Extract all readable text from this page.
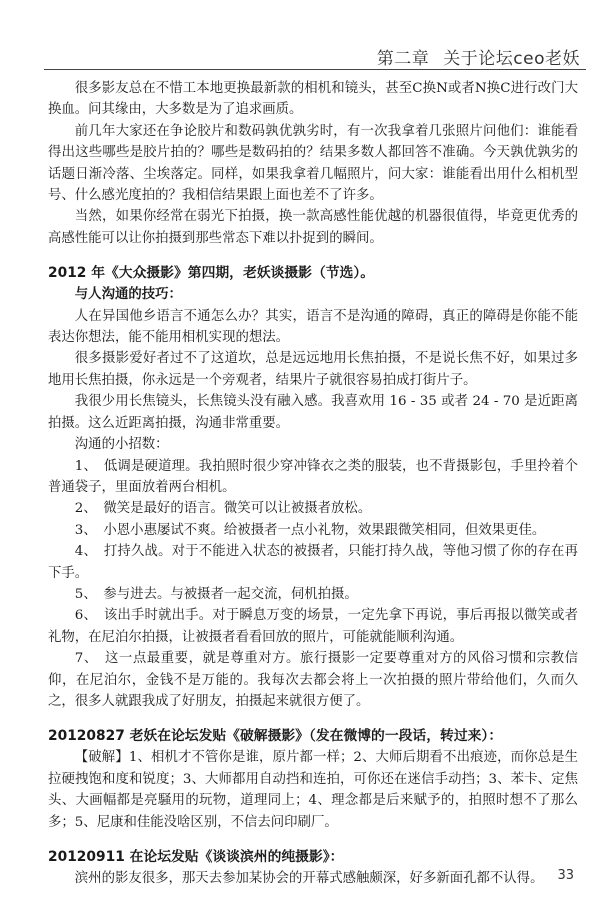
第二章 关于论坛ceo老妖

很多影友总在不惜工本地更换最新款的相机和镜头，甚至C换N或者N换C进行改门大换血。问其缘由，大多数是为了追求画质。

前几年大家还在争论胶片和数码孰优孰劣时，有一次我拿着几张照片问他们：谁能看得出这些哪些是胶片拍的？哪些是数码拍的？结果多数人都回答不准确。今天孰优孰劣的话题日渐冷落、尘埃落定。同样，如果我拿着几幅照片，问大家：谁能看出用什么相机型号、什么感光度拍的？我相信结果跟上面也差不了许多。

当然，如果你经常在弱光下拍摄，换一款高感性能优越的机器很值得，毕竟更优秀的高感性能可以让你拍摄到那些常态下难以扑捉到的瞬间。

2012 年《大众摄影》第四期，老妖谈摄影（节选）。
与人沟通的技巧：

人在异国他乡语言不通怎么办？其实，语言不是沟通的障碍，真正的障碍是你能不能表达你想法，能不能用相机实现的想法。

很多摄影爱好者过不了这道坎，总是远远地用长焦拍摄，不是说长焦不好，如果过多地用长焦拍摄，你永远是一个旁观者，结果片子就很容易拍成打街片子。

我很少用长焦镜头，长焦镜头没有融入感。我喜欢用 16 - 35 或者 24 - 70 是近距离拍摄。这么近距离拍摄，沟通非常重要。

沟通的小招数：

1、　低调是硬道理。我拍照时很少穿冲锋衣之类的服装，也不背摄影包，手里拎着个普通袋子，里面放着两台相机。

2、　微笑是最好的语言。微笑可以让被摄者放松。

3、　小恩小惠屡试不爽。给被摄者一点小礼物，效果跟微笑相同，但效果更佳。

4、　打持久战。对于不能进入状态的被摄者，只能打持久战，等他习惯了你的存在再下手。

5、　参与进去。与被摄者一起交流，伺机拍摄。

6、　该出手时就出手。对于瞬息万变的场景，一定先拿下再说，事后再报以微笑或者礼物，在尼泊尔拍摄，让被摄者看看回放的照片，可能就能顺利沟通。

7、　这一点最重要，就是尊重对方。旅行摄影一定要尊重对方的风俗习惯和宗教信仰，在尼泊尔，金钱不是万能的。我每次去都会将上一次拍摄的照片带给他们，久而久之，很多人就跟我成了好朋友，拍摄起来就很方便了。

20120827 老妖在论坛发贴《破解摄影》（发在微博的一段话，转过来）：

【破解】1、相机才不管你是谁，原片都一样；2、大师后期看不出痕迹，而你总是生拉硬拽饱和度和锐度；3、大师都用自动挡和连拍，可你还在迷信手动挡；3、苯卡、定焦头、大画幅都是亮騒用的玩物，道理同上；4、理念都是后来赋予的，拍照时想不了那么多；5、尼康和佳能没啥区别，不信去问印刷厂。

20120911 在论坛发贴《谈谈滨州的纯摄影》：

滨州的影友很多，那天去参加某协会的开幕式感触颇深，好多新面孔都不认得。	33
